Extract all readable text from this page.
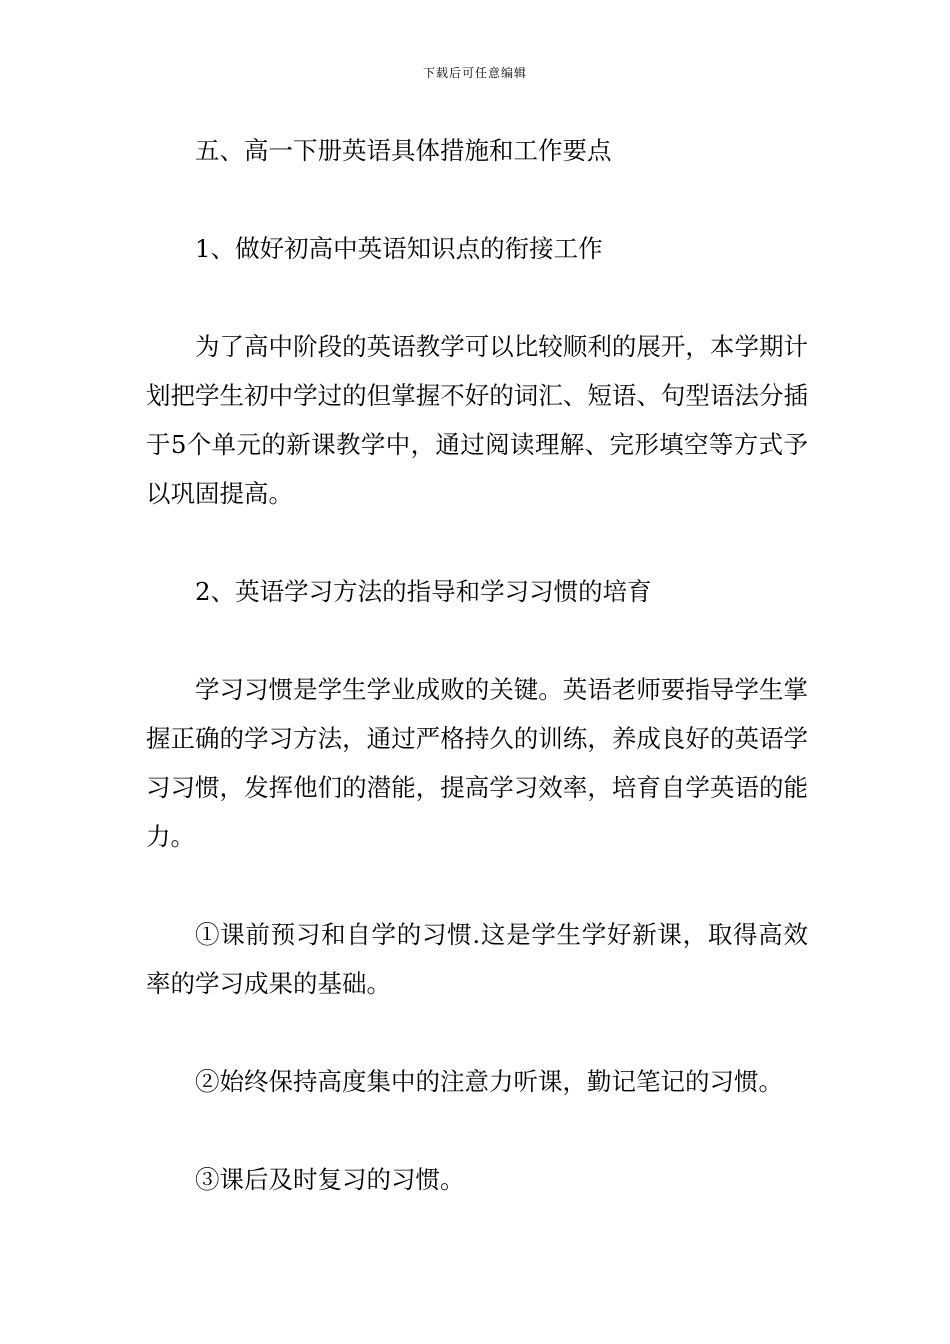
下载后可任意编辑

五、高一下册英语具体措施和工作要点

1、做好初高中英语知识点的衔接工作

为了高中阶段的英语教学可以比较顺利的展开，本学期计划把学生初中学过的但掌握不好的词汇、短语、句型语法分插于5个单元的新课教学中，通过阅读理解、完形填空等方式予以巩固提高。

2、英语学习方法的指导和学习习惯的培育

学习习惯是学生学业成败的关键。英语老师要指导学生掌握正确的学习方法，通过严格持久的训练，养成良好的英语学习习惯，发挥他们的潜能，提高学习效率，培育自学英语的能力。

①课前预习和自学的习惯.这是学生学好新课，取得高效率的学习成果的基础。

②始终保持高度集中的注意力听课，勤记笔记的习惯。

③课后及时复习的习惯。
